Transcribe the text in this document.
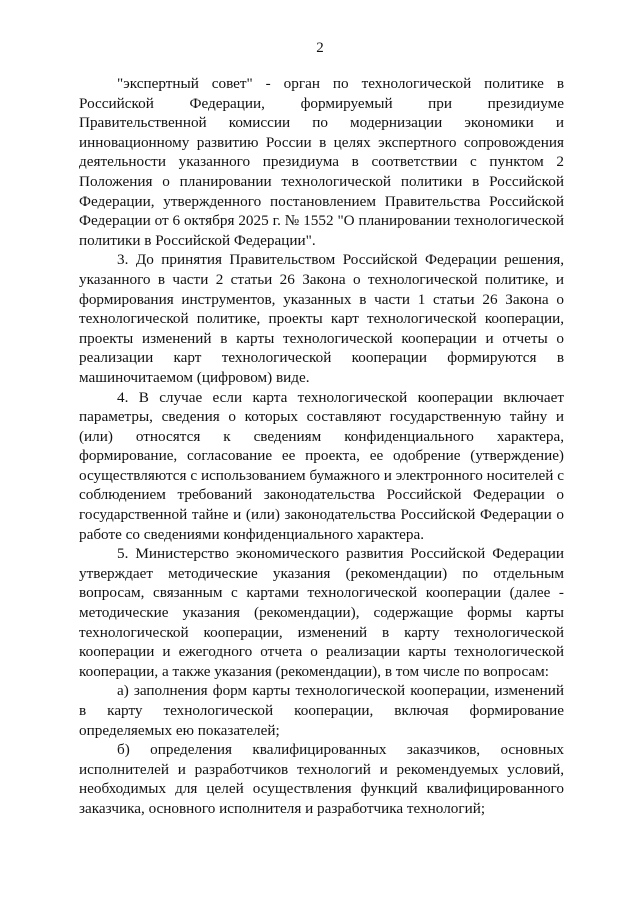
2

"экспертный совет" - орган по технологической политике в Российской Федерации, формируемый при президиуме Правительственной комиссии по модернизации экономики и инновационному развитию России в целях экспертного сопровождения деятельности указанного президиума в соответствии с пунктом 2 Положения о планировании технологической политики в Российской Федерации, утвержденного постановлением Правительства Российской Федерации от 6 октября 2025 г. № 1552 "О планировании технологической политики в Российской Федерации".

3. До принятия Правительством Российской Федерации решения, указанного в части 2 статьи 26 Закона о технологической политике, и формирования инструментов, указанных в части 1 статьи 26 Закона о технологической политике, проекты карт технологической кооперации, проекты изменений в карты технологической кооперации и отчеты о реализации карт технологической кооперации формируются в машиночитаемом (цифровом) виде.

4. В случае если карта технологической кооперации включает параметры, сведения о которых составляют государственную тайну и (или) относятся к сведениям конфиденциального характера, формирование, согласование ее проекта, ее одобрение (утверждение) осуществляются с использованием бумажного и электронного носителей с соблюдением требований законодательства Российской Федерации о государственной тайне и (или) законодательства Российской Федерации о работе со сведениями конфиденциального характера.

5. Министерство экономического развития Российской Федерации утверждает методические указания (рекомендации) по отдельным вопросам, связанным с картами технологической кооперации (далее - методические указания (рекомендации), содержащие формы карты технологической кооперации, изменений в карту технологической кооперации и ежегодного отчета о реализации карты технологической кооперации, а также указания (рекомендации), в том числе по вопросам:

а) заполнения форм карты технологической кооперации, изменений в карту технологической кооперации, включая формирование определяемых ею показателей;

б) определения квалифицированных заказчиков, основных исполнителей и разработчиков технологий и рекомендуемых условий, необходимых для целей осуществления функций квалифицированного заказчика, основного исполнителя и разработчика технологий;
